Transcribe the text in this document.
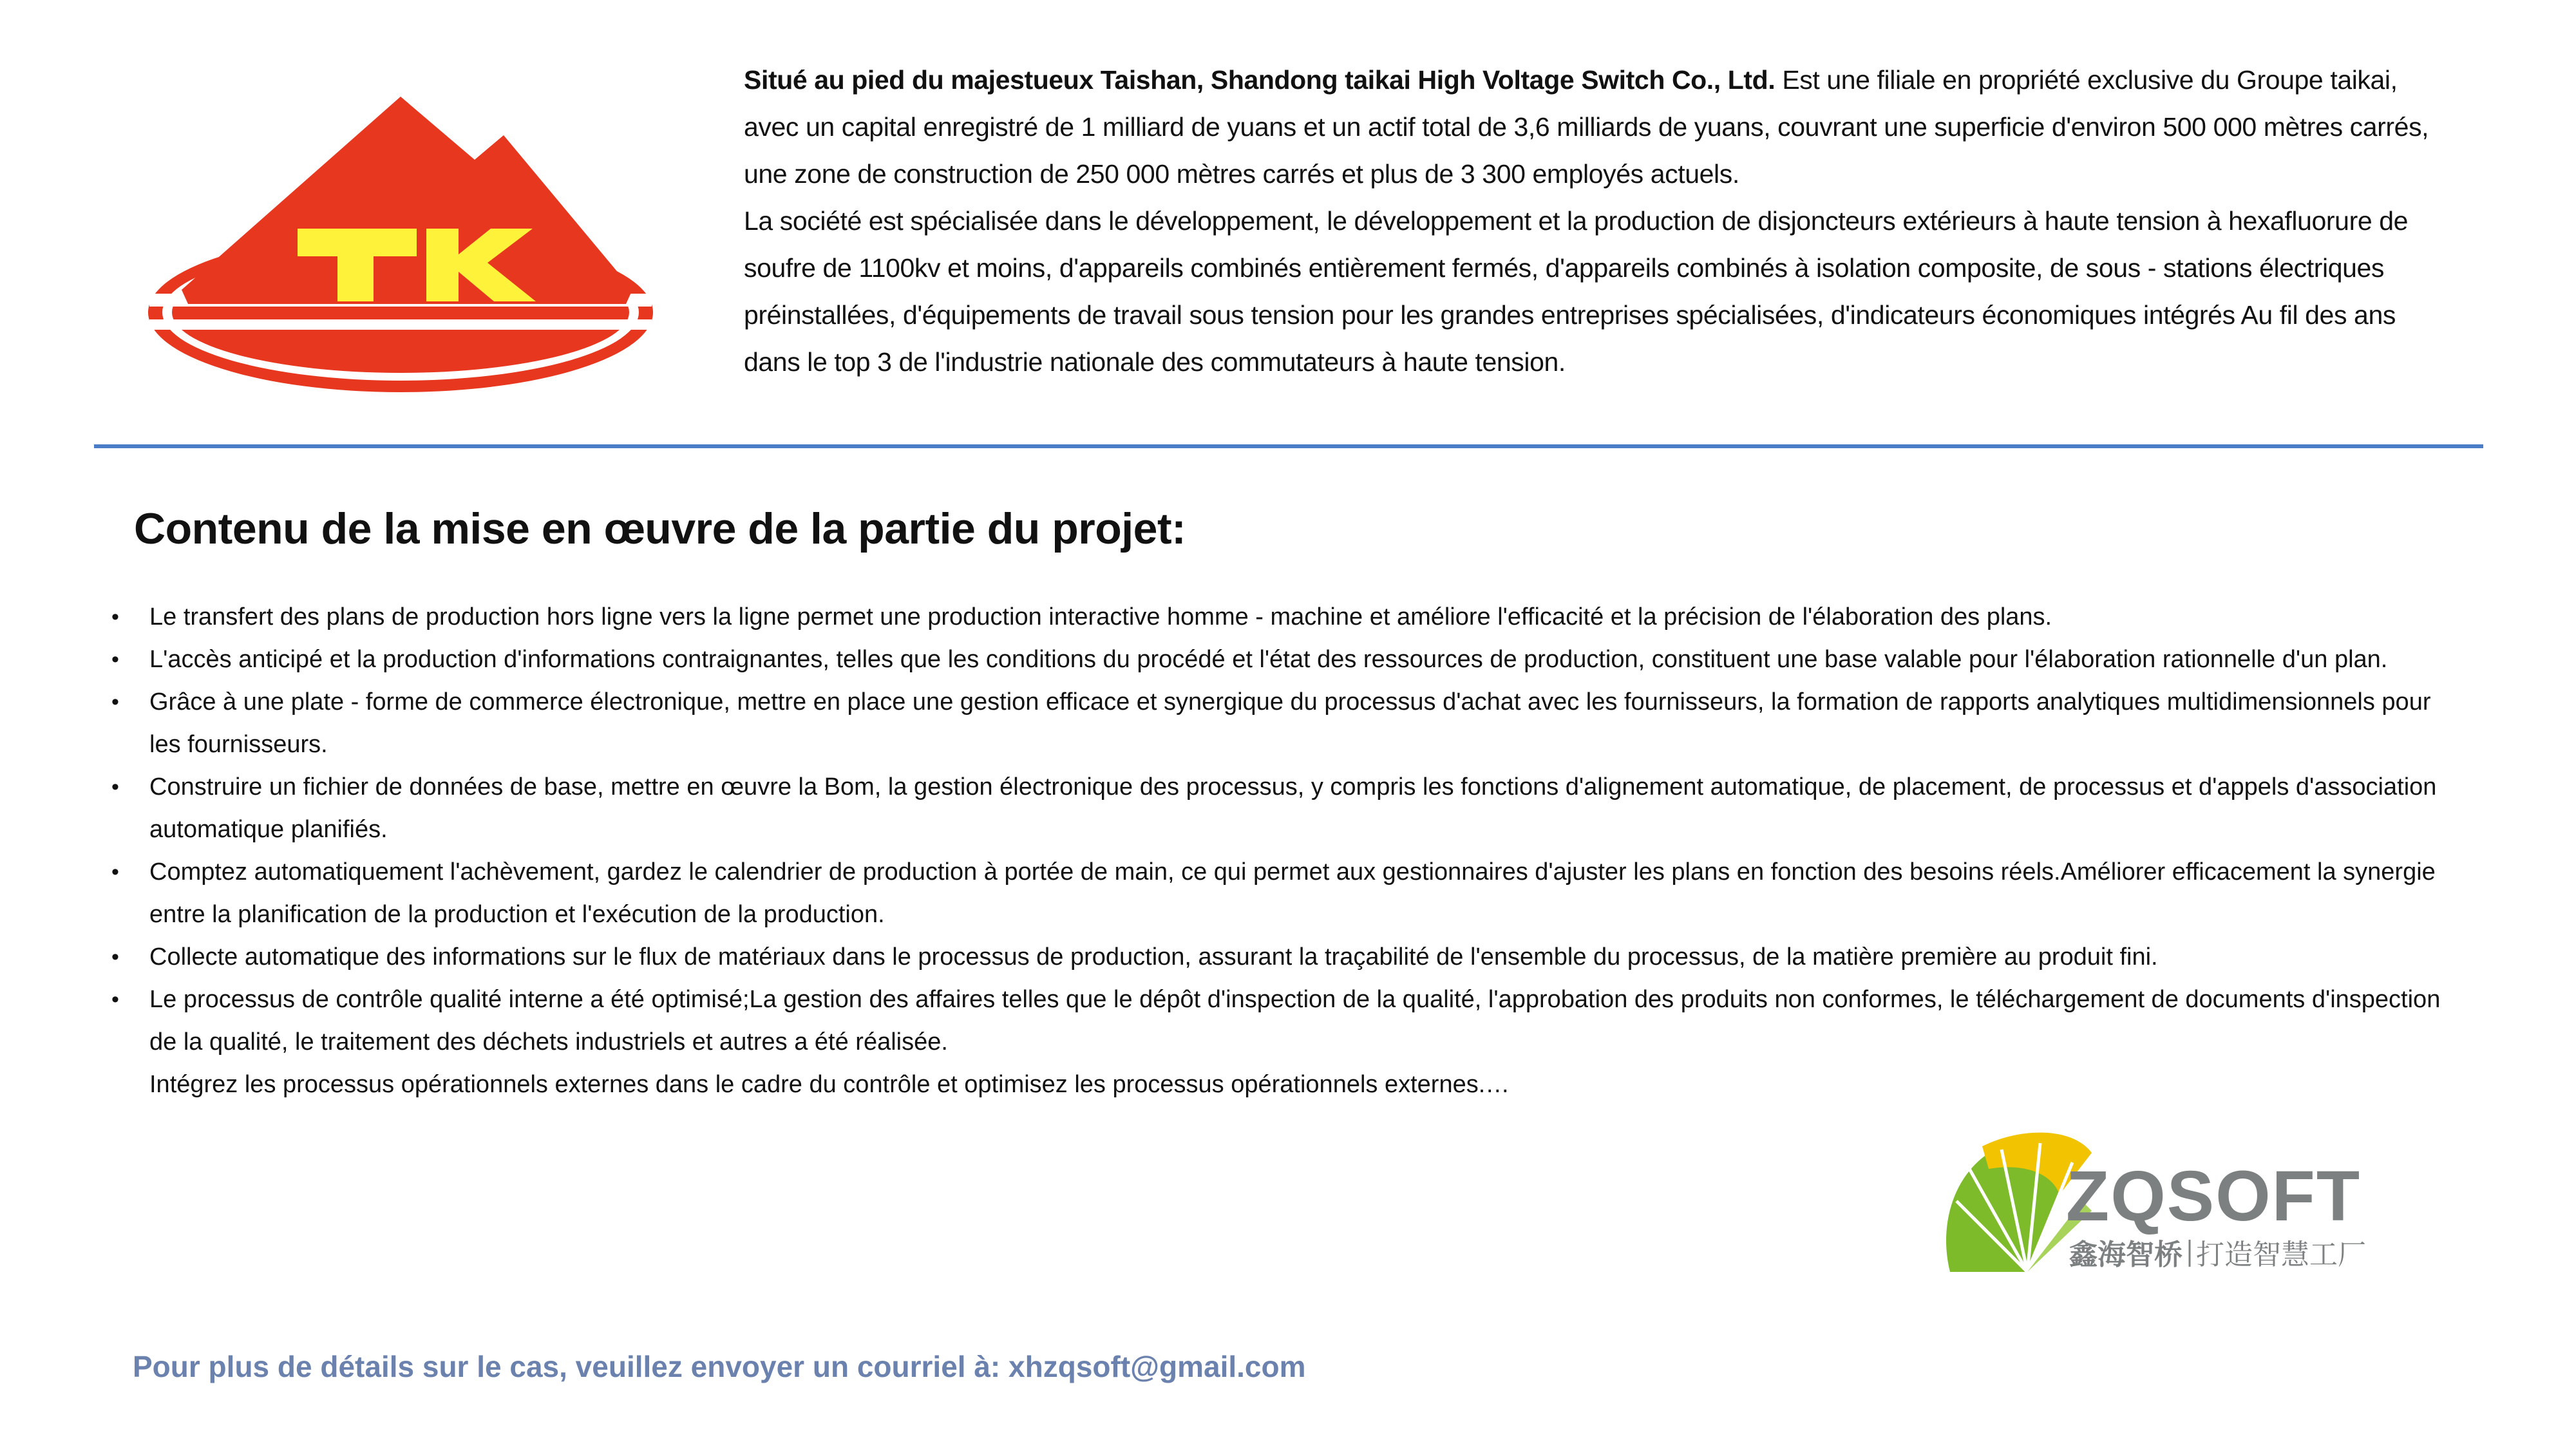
Situé au pied du majestueux Taishan, Shandong taikai High Voltage Switch Co., Ltd. Est une filiale en propriété exclusive du Groupe taikai, avec un capital enregistré de 1 milliard de yuans et un actif total de 3,6 milliards de yuans, couvrant une superficie d'environ 500 000 mètres carrés, une zone de construction de 250 000 mètres carrés et plus de 3 300 employés actuels.

La société est spécialisée dans le développement, le développement et la production de disjoncteurs extérieurs à haute tension à hexafluorure de soufre de 1100kv et moins, d'appareils combinés entièrement fermés, d'appareils combinés à isolation composite, de sous - stations électriques préinstallées, d'équipements de travail sous tension pour les grandes entreprises spécialisées, d'indicateurs économiques intégrés Au fil des ans dans le top 3 de l'industrie nationale des commutateurs à haute tension.

Contenu de la mise en œuvre de la partie du projet:
• Le transfert des plans de production hors ligne vers la ligne permet une production interactive homme - machine et améliore l'efficacité et la précision de l'élaboration des plans.
• L'accès anticipé et la production d'informations contraignantes, telles que les conditions du procédé et l'état des ressources de production, constituent une base valable pour l'élaboration rationnelle d'un plan.
• Grâce à une plate - forme de commerce électronique, mettre en place une gestion efficace et synergique du processus d'achat avec les fournisseurs, la formation de rapports analytiques multidimensionnels pour les fournisseurs.
• Construire un fichier de données de base, mettre en œuvre la Bom, la gestion électronique des processus, y compris les fonctions d'alignement automatique, de placement, de processus et d'appels d'association automatique planifiés.
• Comptez automatiquement l'achèvement, gardez le calendrier de production à portée de main, ce qui permet aux gestionnaires d'ajuster les plans en fonction des besoins réels.Améliorer efficacement la synergie entre la planification de la production et l'exécution de la production.
• Collecte automatique des informations sur le flux de matériaux dans le processus de production, assurant la traçabilité de l'ensemble du processus, de la matière première au produit fini.
• Le processus de contrôle qualité interne a été optimisé;La gestion des affaires telles que le dépôt d'inspection de la qualité, l'approbation des produits non conformes, le téléchargement de documents d'inspection de la qualité, le traitement des déchets industriels et autres a été réalisée.
Intégrez les processus opérationnels externes dans le cadre du contrôle et optimisez les processus opérationnels externes.…
ZQSOFT
鑫海智桥 打造智慧工厂

Pour plus de détails sur le cas, veuillez envoyer un courriel à: xhzqsoft@gmail.com
